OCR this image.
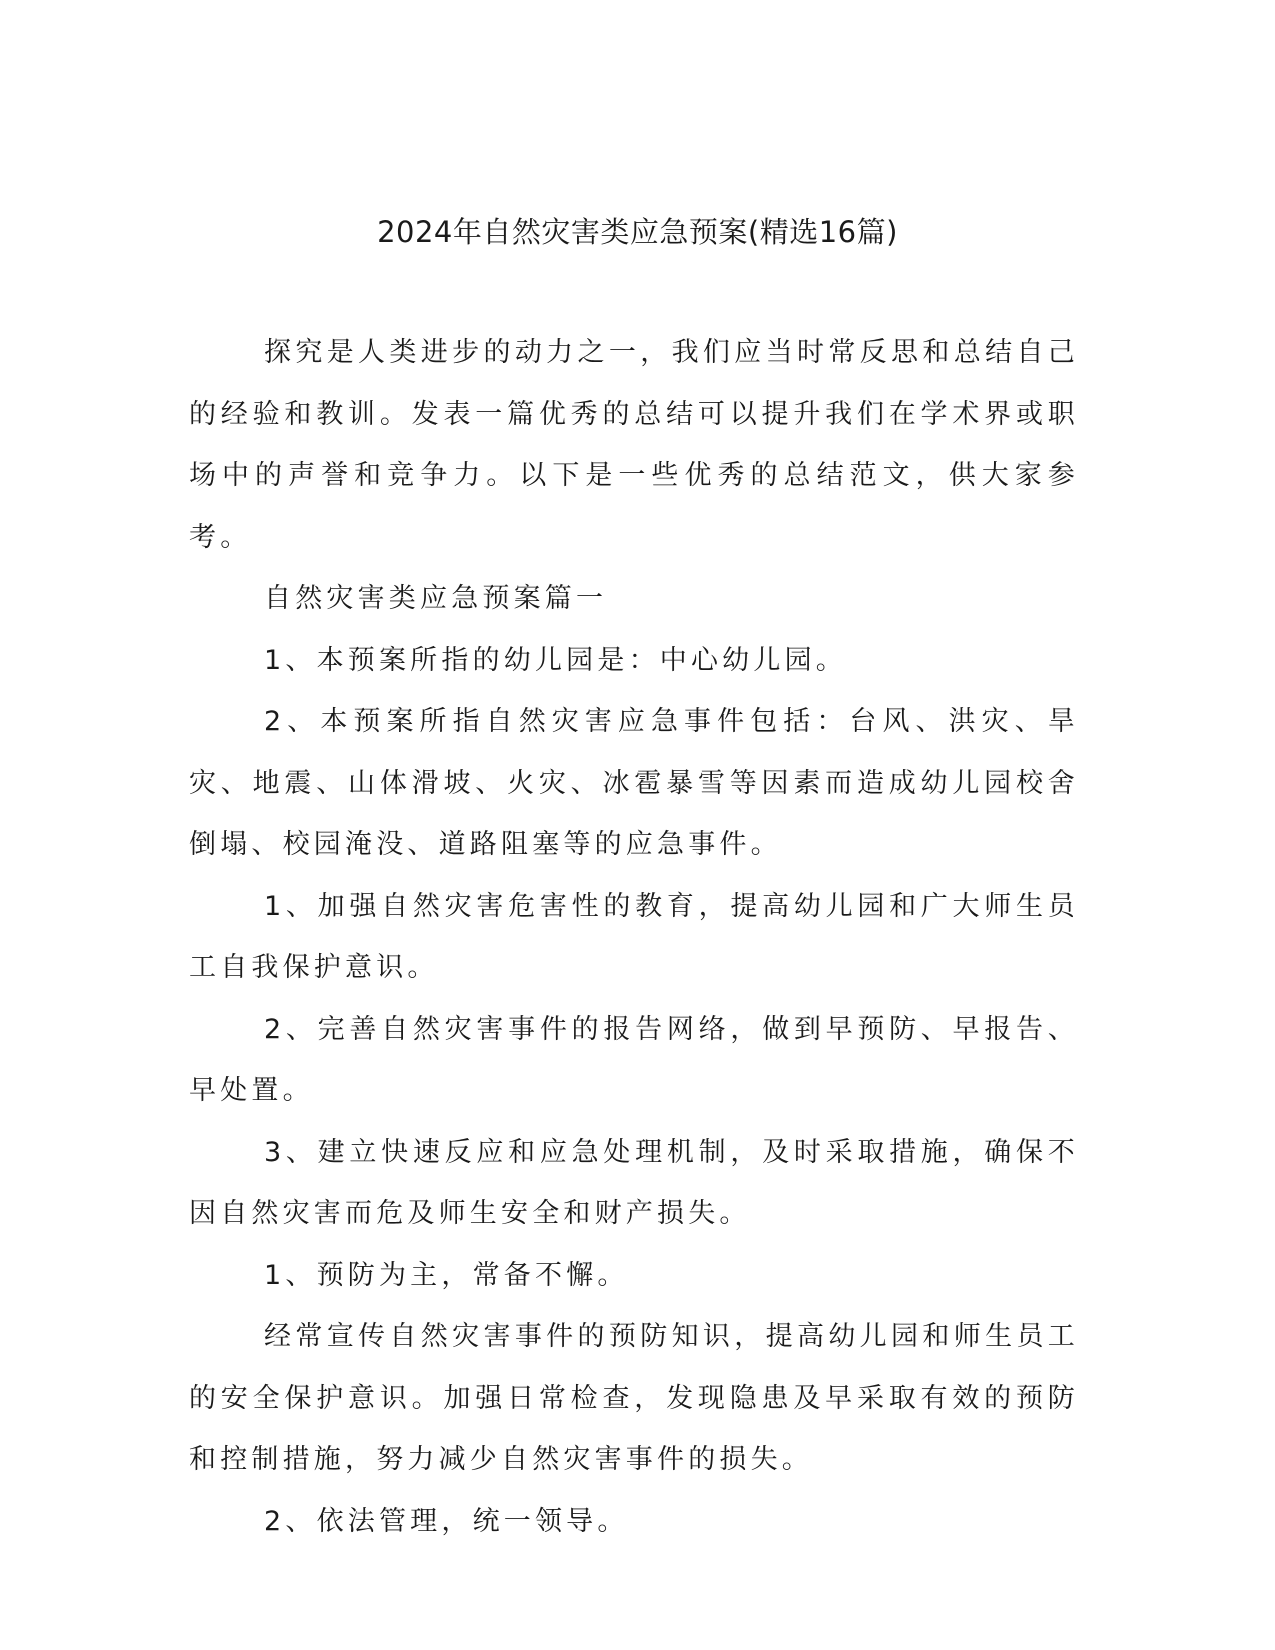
2024年自然灾害类应急预案(精选16篇)

探究是人类进步的动力之一，我们应当时常反思和总结自己的经验和教训。发表一篇优秀的总结可以提升我们在学术界或职场中的声誉和竞争力。以下是一些优秀的总结范文，供大家参考。

自然灾害类应急预案篇一

1、本预案所指的幼儿园是：中心幼儿园。

2、本预案所指自然灾害应急事件包括：台风、洪灾、旱灾、地震、山体滑坡、火灾、冰雹暴雪等因素而造成幼儿园校舍倒塌、校园淹没、道路阻塞等的应急事件。

1、加强自然灾害危害性的教育，提高幼儿园和广大师生员工自我保护意识。

2、完善自然灾害事件的报告网络，做到早预防、早报告、早处置。

3、建立快速反应和应急处理机制，及时采取措施，确保不因自然灾害而危及师生安全和财产损失。

1、预防为主，常备不懈。

经常宣传自然灾害事件的预防知识，提高幼儿园和师生员工的安全保护意识。加强日常检查，发现隐患及早采取有效的预防和控制措施，努力减少自然灾害事件的损失。

2、依法管理，统一领导。
